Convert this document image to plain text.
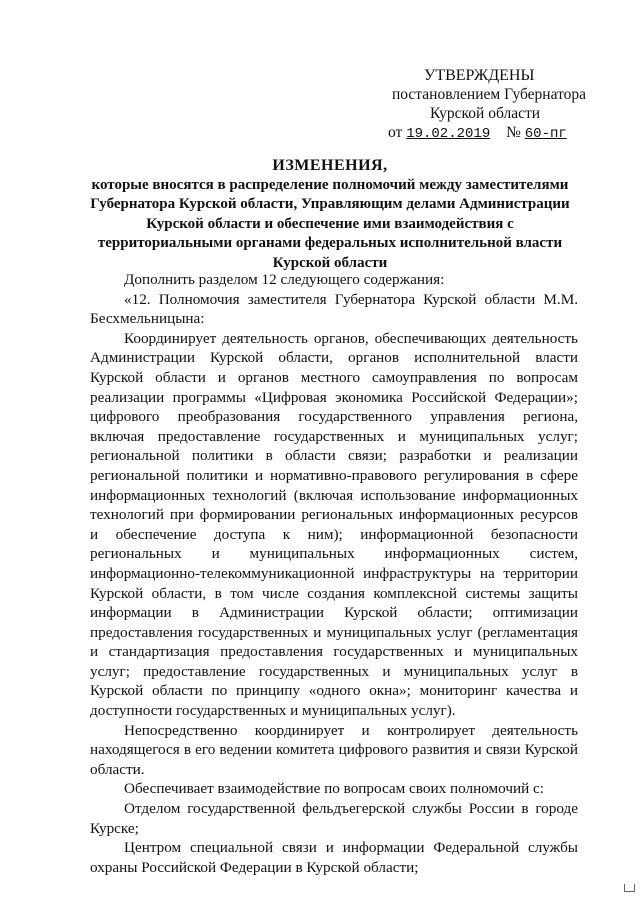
УТВЕРЖДЕНЫ
постановлением Губернатора
Курской области
от 19.02.2019 № 60-пг
ИЗМЕНЕНИЯ,
которые вносятся в распределение полномочий между заместителями
Губернатора Курской области, Управляющим делами Администрации
Курской области и обеспечение ими взаимодействия с
территориальными органами федеральных исполнительной власти
Курской области

Дополнить разделом 12 следующего содержания:

«12. Полномочия заместителя Губернатора Курской области М.М. Бесхмельницына:

Координирует деятельность органов, обеспечивающих деятельность Администрации Курской области, органов исполнительной власти Курской области и органов местного самоуправления по вопросам реализации программы «Цифровая экономика Российской Федерации»; цифрового преобразования государственного управления региона, включая предоставление государственных и муниципальных услуг; региональной политики в области связи; разработки и реализации региональной политики и нормативно-правового регулирования в сфере информационных технологий (включая использование информационных технологий при формировании региональных информационных ресурсов и обеспечение доступа к ним); информационной безопасности региональных и муниципальных информационных систем, информационно-телекоммуникационной инфраструктуры на территории Курской области, в том числе создания комплексной системы защиты информации в Администрации Курской области; оптимизации предоставления государственных и муниципальных услуг (регламентация и стандартизация предоставления государственных и муниципальных услуг; предоставление государственных и муниципальных услуг в Курской области по принципу «одного окна»; мониторинг качества и доступности государственных и муниципальных услуг).

Непосредственно координирует и контролирует деятельность находящегося в его ведении комитета цифрового развития и связи Курской области.

Обеспечивает взаимодействие по вопросам своих полномочий с:

Отделом государственной фельдъегерской службы России в городе Курске;

Центром специальной связи и информации Федеральной службы охраны Российской Федерации в Курской области;
